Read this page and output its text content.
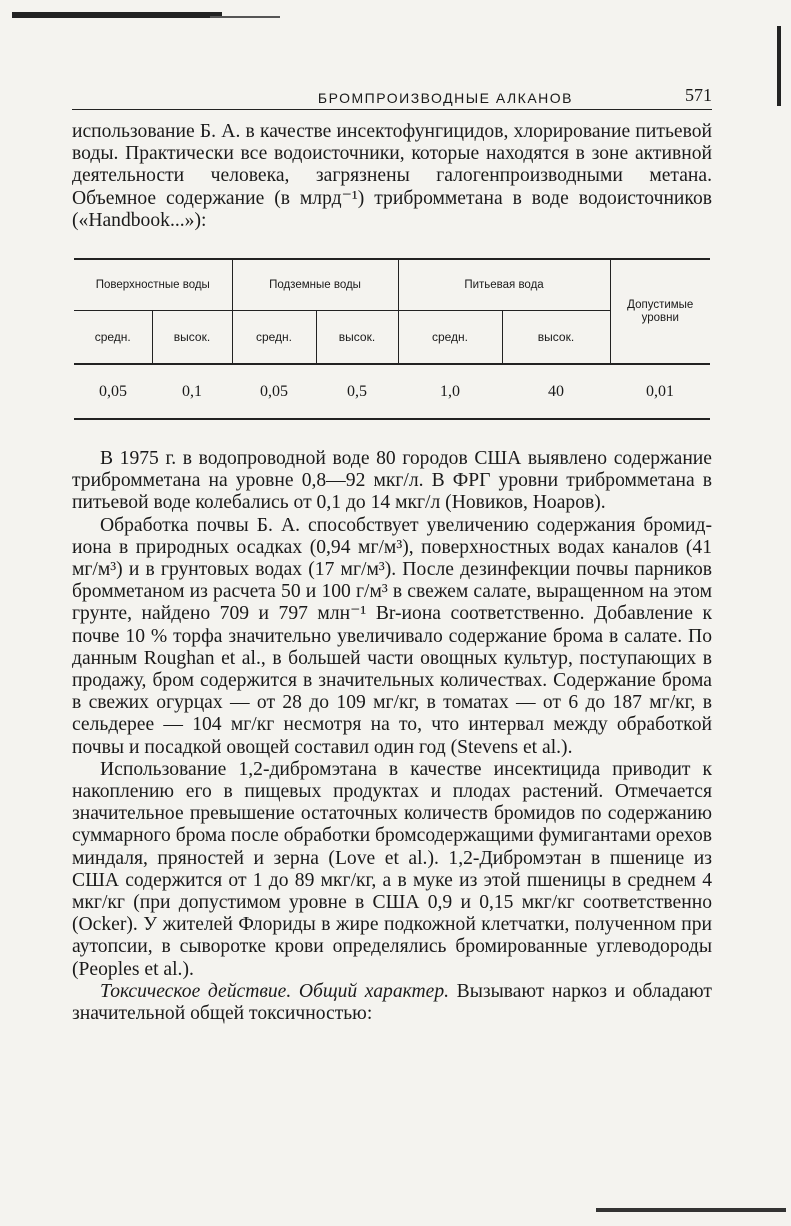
БРОМПРОИЗВОДНЫЕ АЛКАНОВ	571

использование Б. А. в качестве инсектофунгицидов, хлорирование питьевой воды. Практически все водоисточники, которые находятся в зоне активной деятельности человека, загрязнены галогенпроизводными метана. Объемное содержание (в млрд⁻¹) трибромметана в воде водоисточников («Handbook...»):

Поверхностные воды		Подземные воды		Питьевая вода		Допустимые уровни
средн.	высок.	средн.	высок.	средн.	высок.	
0,05	0,1	0,05	0,5	1,0	40	0,01

В 1975 г. в водопроводной воде 80 городов США выявлено содержание трибромметана на уровне 0,8—92 мкг/л. В ФРГ уровни трибромметана в питьевой воде колебались от 0,1 до 14 мкг/л (Новиков, Ноаров).

Обработка почвы Б. А. способствует увеличению содержания бромид-иона в природных осадках (0,94 мг/м³), поверхностных водах каналов (41 мг/м³) и в грунтовых водах (17 мг/м³). После дезинфекции почвы парников бромметаном из расчета 50 и 100 г/м³ в свежем салате, выращенном на этом грунте, найдено 709 и 797 млн⁻¹ Br-иона соответственно. Добавление к почве 10 % торфа значительно увеличивало содержание брома в салате. По данным Roughan et al., в большей части овощных культур, поступающих в продажу, бром содержится в значительных количествах. Содержание брома в свежих огурцах — от 28 до 109 мг/кг, в томатах — от 6 до 187 мг/кг, в сельдерее — 104 мг/кг несмотря на то, что интервал между обработкой почвы и посадкой овощей составил один год (Stevens et al.).

Использование 1,2-дибромэтана в качестве инсектицида приводит к накоплению его в пищевых продуктах и плодах растений. Отмечается значительное превышение остаточных количеств бромидов по содержанию суммарного брома после обработки бромсодержащими фумигантами орехов миндаля, пряностей и зерна (Love et al.). 1,2-Дибромэтан в пшенице из США содержится от 1 до 89 мкг/кг, а в муке из этой пшеницы в среднем 4 мкг/кг (при допустимом уровне в США 0,9 и 0,15 мкг/кг соответственно (Ocker). У жителей Флориды в жире подкожной клетчатки, полученном при аутопсии, в сыворотке крови определялись бромированные углеводороды (Peoples et al.).

Токсическое действие. Общий характер. Вызывают наркоз и обладают значительной общей токсичностью:
